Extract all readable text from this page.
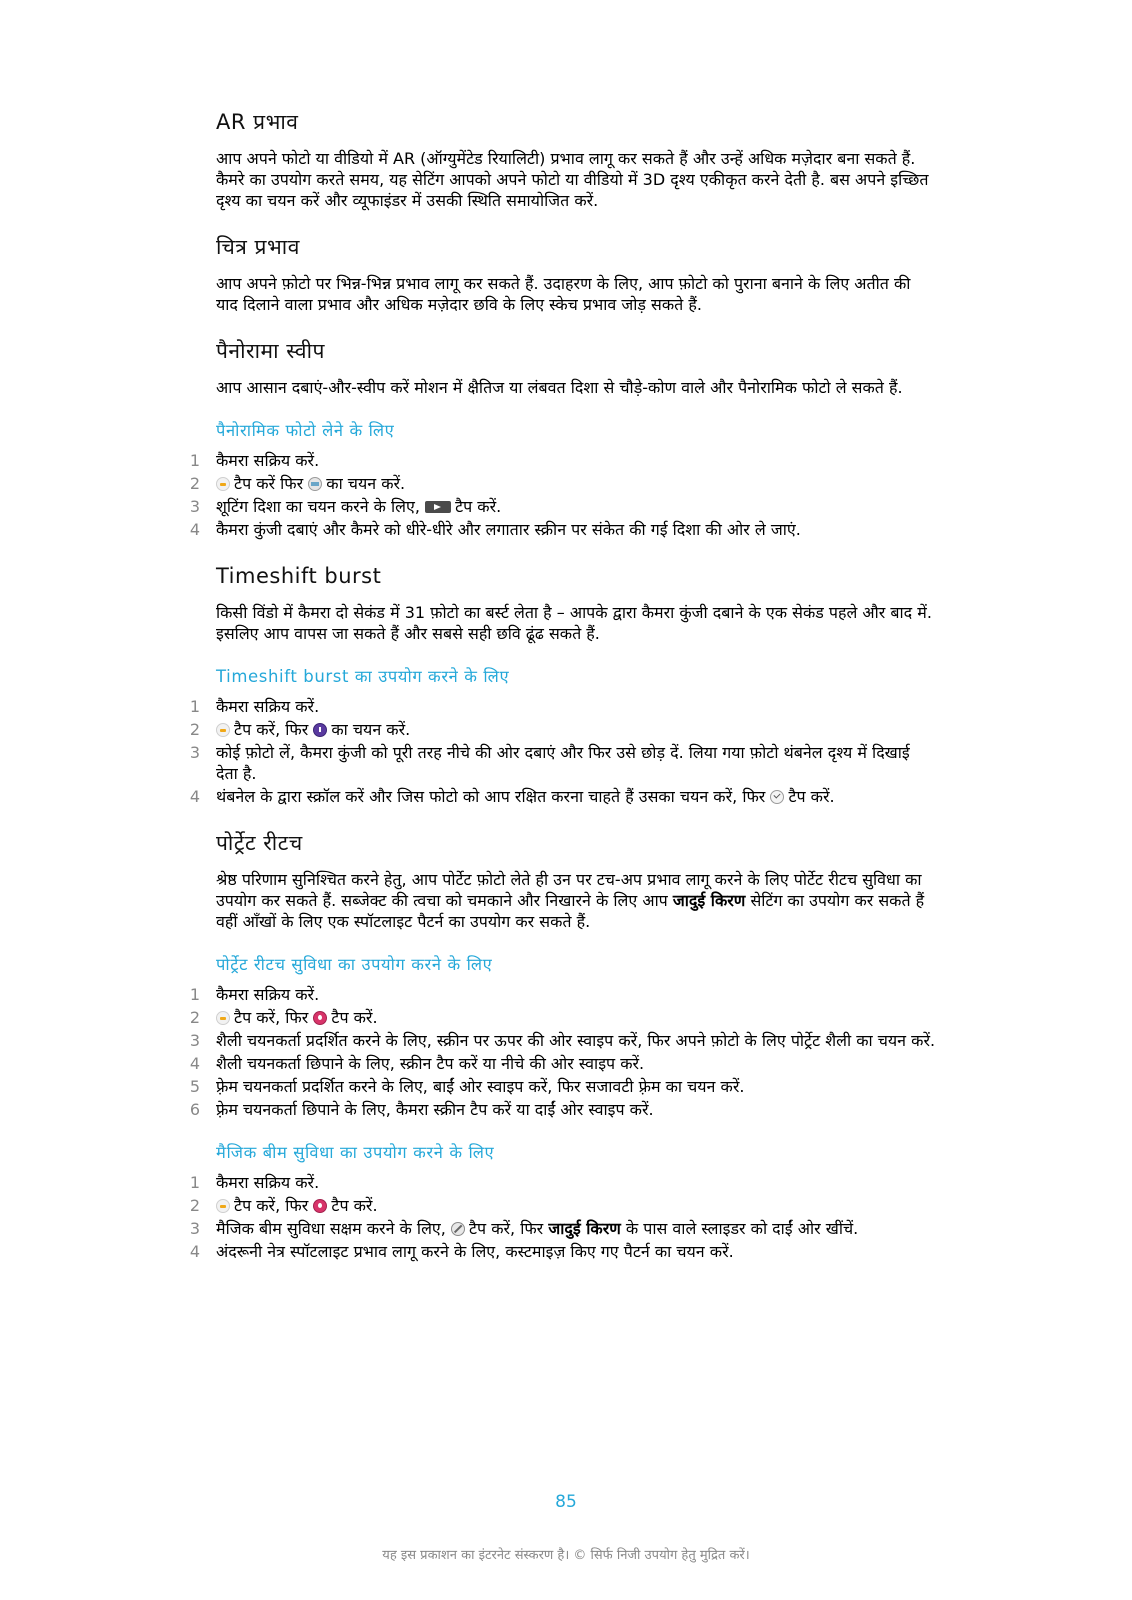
AR प्रभाव

आप अपने फोटो या वीडियो में AR (ऑग्युमेंटेड रियालिटी) प्रभाव लागू कर सकते हैं और उन्हें अधिक मज़ेदार बना सकते हैं. कैमरे का उपयोग करते समय, यह सेटिंग आपको अपने फोटो या वीडियो में 3D दृश्य एकीकृत करने देती है. बस अपने इच्छित दृश्य का चयन करें और व्यूफाइंडर में उसकी स्थिति समायोजित करें.

चित्र प्रभाव

आप अपने फ़ोटो पर भिन्न-भिन्न प्रभाव लागू कर सकते हैं. उदाहरण के लिए, आप फ़ोटो को पुराना बनाने के लिए अतीत की याद दिलाने वाला प्रभाव और अधिक मज़ेदार छवि के लिए स्केच प्रभाव जोड़ सकते हैं.

पैनोरामा स्वीप

आप आसान दबाएं-और-स्वीप करें मोशन में क्षैतिज या लंबवत दिशा से चौड़े-कोण वाले और पैनोरामिक फोटो ले सकते हैं.

पैनोरामिक फोटो लेने के लिए
1 कैमरा सक्रिय करें.
2 टैप करें फिर का चयन करें.
3 शूटिंग दिशा का चयन करने के लिए, टैप करें.
4 कैमरा कुंजी दबाएं और कैमरे को धीरे-धीरे और लगातार स्क्रीन पर संकेत की गई दिशा की ओर ले जाएं.
Timeshift burst

किसी विंडो में कैमरा दो सेकंड में 31 फ़ोटो का बर्स्ट लेता है – आपके द्वारा कैमरा कुंजी दबाने के एक सेकंड पहले और बाद में. इसलिए आप वापस जा सकते हैं और सबसे सही छवि ढूंढ सकते हैं.

Timeshift burst का उपयोग करने के लिए
1 कैमरा सक्रिय करें.
2 टैप करें, फिर का चयन करें.
3 कोई फ़ोटो लें, कैमरा कुंजी को पूरी तरह नीचे की ओर दबाएं और फिर उसे छोड़ दें. लिया गया फ़ोटो थंबनेल दृश्य में दिखाई देता है.
4 थंबनेल के द्वारा स्क्रॉल करें और जिस फोटो को आप रक्षित करना चाहते हैं उसका चयन करें, फिर टैप करें.
पोर्ट्रेट रीटच

श्रेष्ठ परिणाम सुनिश्चित करने हेतु, आप पोर्टेट फ़ोटो लेते ही उन पर टच-अप प्रभाव लागू करने के लिए पोर्टेट रीटच सुविधा का उपयोग कर सकते हैं. सब्जेक्ट की त्वचा को चमकाने और निखारने के लिए आप जादुई किरण सेटिंग का उपयोग कर सकते हैं वहीं आँखों के लिए एक स्पॉटलाइट पैटर्न का उपयोग कर सकते हैं.

पोर्ट्रेट रीटच सुविधा का उपयोग करने के लिए
1 कैमरा सक्रिय करें.
2 टैप करें, फिर टैप करें.
3 शैली चयनकर्ता प्रदर्शित करने के लिए, स्क्रीन पर ऊपर की ओर स्वाइप करें, फिर अपने फ़ोटो के लिए पोर्ट्रेट शैली का चयन करें.
4 शैली चयनकर्ता छिपाने के लिए, स्क्रीन टैप करें या नीचे की ओर स्वाइप करें.
5 फ़्रेम चयनकर्ता प्रदर्शित करने के लिए, बाईं ओर स्वाइप करें, फिर सजावटी फ़्रेम का चयन करें.
6 फ़्रेम चयनकर्ता छिपाने के लिए, कैमरा स्क्रीन टैप करें या दाईं ओर स्वाइप करें.
मैजिक बीम सुविधा का उपयोग करने के लिए
1 कैमरा सक्रिय करें.
2 टैप करें, फिर टैप करें.
3 मैजिक बीम सुविधा सक्षम करने के लिए, टैप करें, फिर जादुई किरण के पास वाले स्लाइडर को दाईं ओर खींचें.
4 अंदरूनी नेत्र स्पॉटलाइट प्रभाव लागू करने के लिए, कस्टमाइज़ किए गए पैटर्न का चयन करें.
85
यह इस प्रकाशन का इंटरनेट संस्करण है। © सिर्फ निजी उपयोग हेतु मुद्रित करें।
